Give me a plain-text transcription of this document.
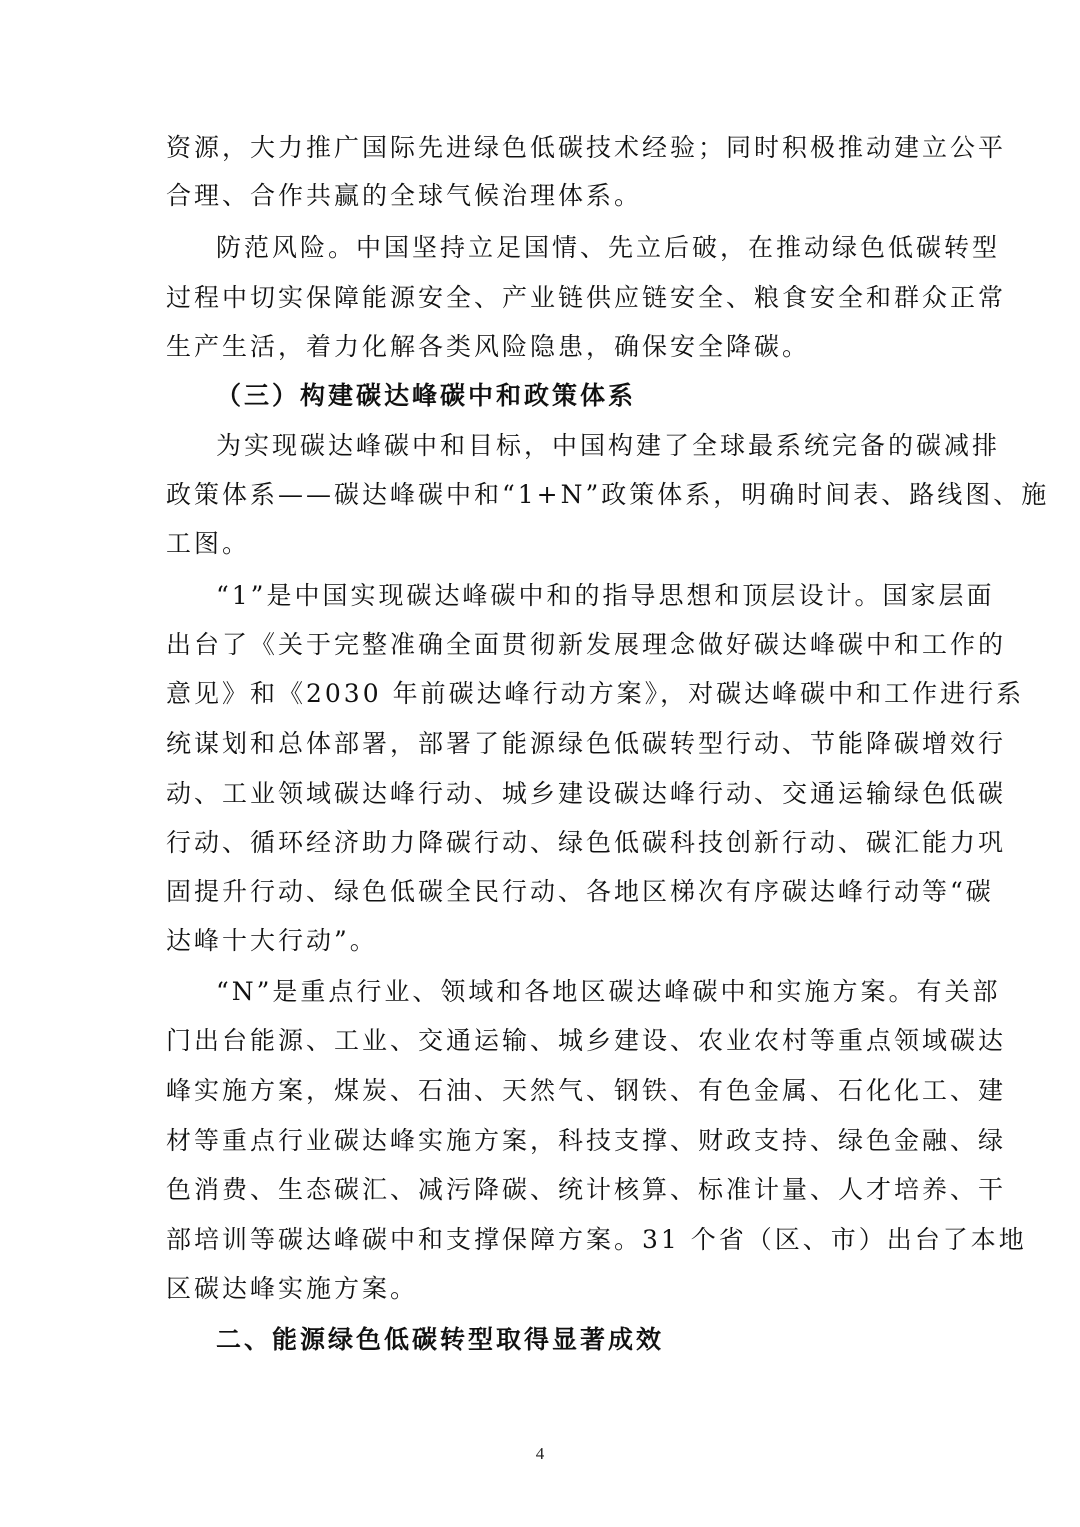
资源，大力推广国际先进绿色低碳技术经验；同时积极推动建立公平
合理、合作共赢的全球气候治理体系。
防范风险。中国坚持立足国情、先立后破，在推动绿色低碳转型
过程中切实保障能源安全、产业链供应链安全、粮食安全和群众正常
生产生活，着力化解各类风险隐患，确保安全降碳。
（三）构建碳达峰碳中和政策体系
为实现碳达峰碳中和目标，中国构建了全球最系统完备的碳减排
政策体系——碳达峰碳中和“1+N”政策体系，明确时间表、路线图、施
工图。
“1”是中国实现碳达峰碳中和的指导思想和顶层设计。国家层面
出台了《关于完整准确全面贯彻新发展理念做好碳达峰碳中和工作的
意见》和《2030 年前碳达峰行动方案》，对碳达峰碳中和工作进行系
统谋划和总体部署，部署了能源绿色低碳转型行动、节能降碳增效行
动、工业领域碳达峰行动、城乡建设碳达峰行动、交通运输绿色低碳
行动、循环经济助力降碳行动、绿色低碳科技创新行动、碳汇能力巩
固提升行动、绿色低碳全民行动、各地区梯次有序碳达峰行动等“碳
达峰十大行动”。
“N”是重点行业、领域和各地区碳达峰碳中和实施方案。有关部
门出台能源、工业、交通运输、城乡建设、农业农村等重点领域碳达
峰实施方案，煤炭、石油、天然气、钢铁、有色金属、石化化工、建
材等重点行业碳达峰实施方案，科技支撑、财政支持、绿色金融、绿
色消费、生态碳汇、减污降碳、统计核算、标准计量、人才培养、干
部培训等碳达峰碳中和支撑保障方案。31 个省（区、市）出台了本地
区碳达峰实施方案。
二、能源绿色低碳转型取得显著成效
4
